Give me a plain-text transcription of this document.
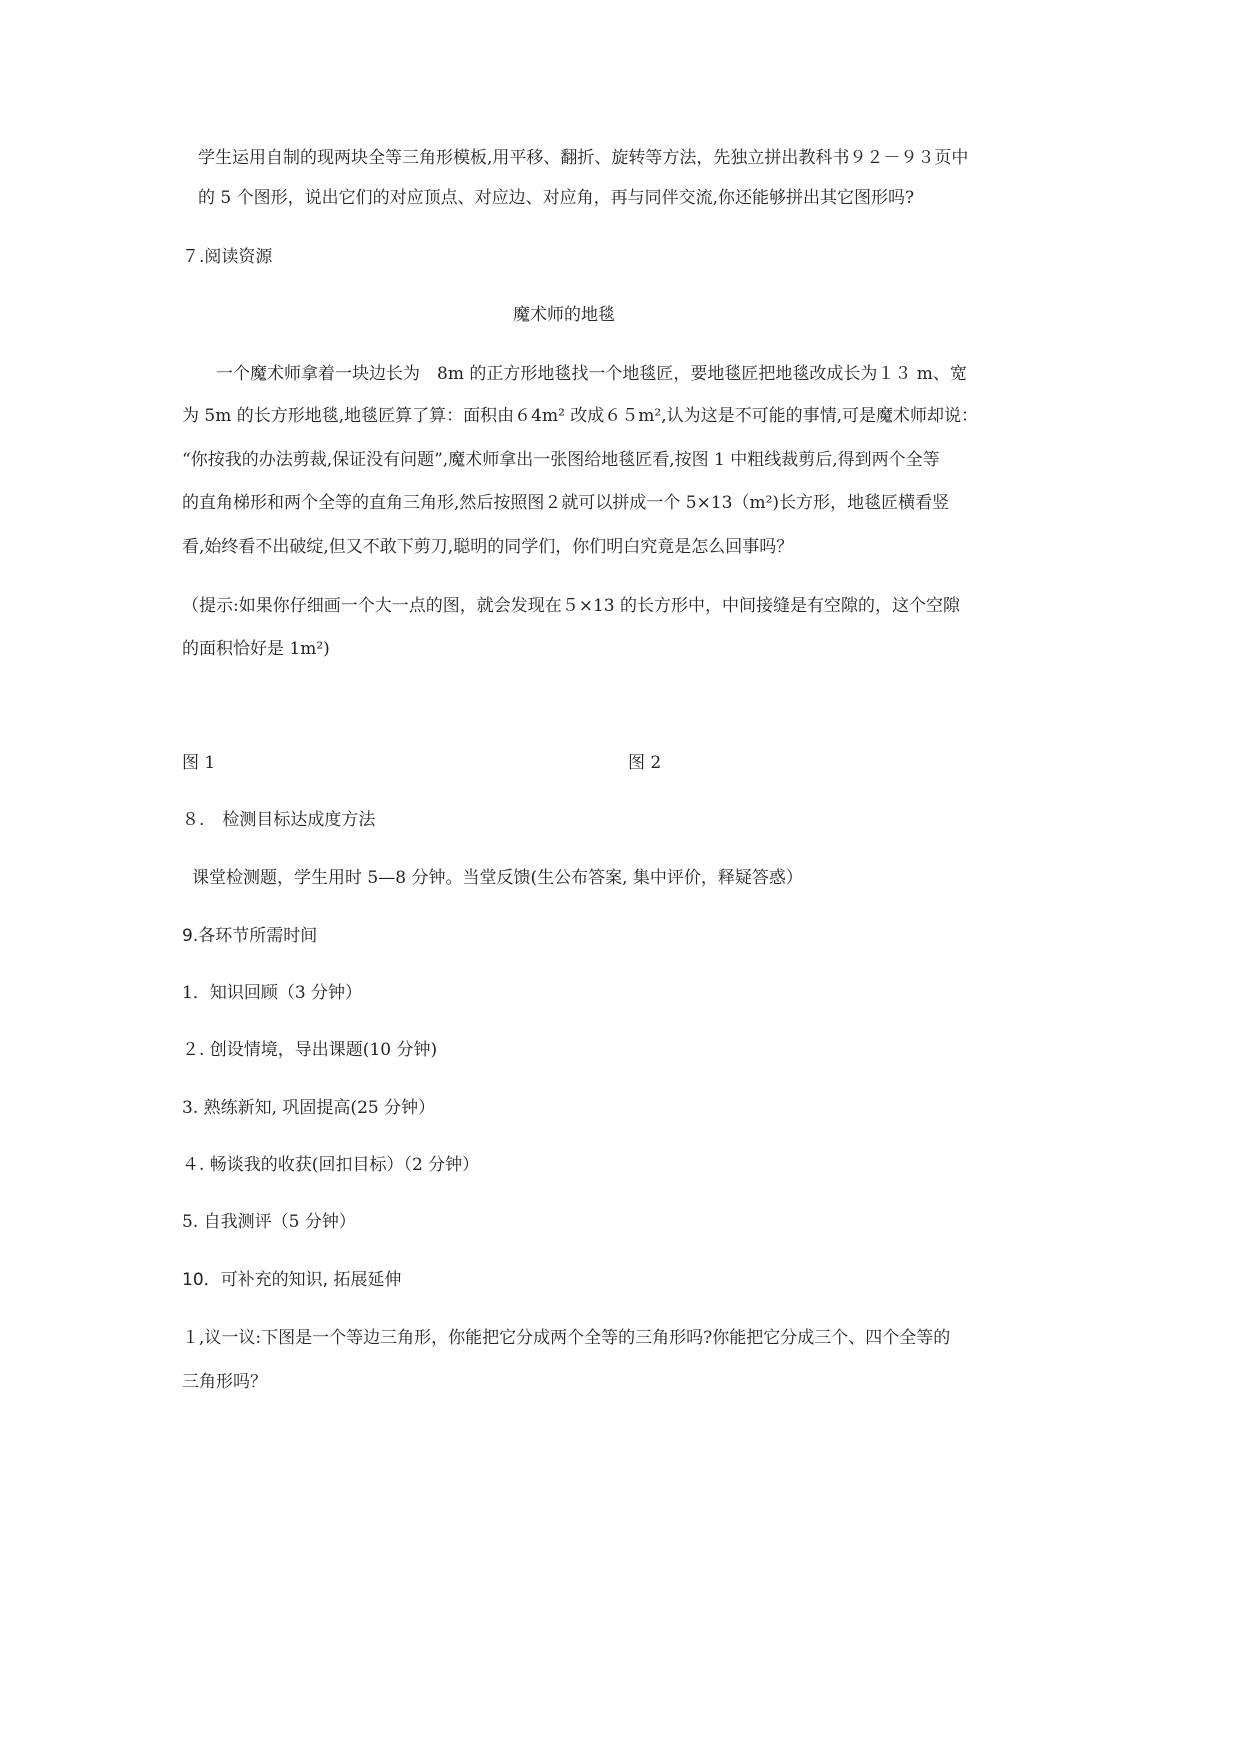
学生运用自制的现两块全等三角形模板,用平移、翻折、旋转等方法，先独立拼出教科书９２－９３页中
的 5 个图形，说出它们的对应顶点、对应边、对应角，再与同伴交流,你还能够拼出其它图形吗?
７.阅读资源
魔术师的地毯
一个魔术师拿着一块边长为　8m 的正方形地毯找一个地毯匠，要地毯匠把地毯改成长为１３ m、宽
为 5m 的长方形地毯,地毯匠算了算：面积由６4m² 改成６５m²,认为这是不可能的事情,可是魔术师却说：
“你按我的办法剪裁,保证没有问题”,魔术师拿出一张图给地毯匠看,按图 1 中粗线裁剪后,得到两个全等
的直角梯形和两个全等的直角三角形,然后按照图２就可以拼成一个 5×13（m²)长方形，地毯匠横看竖
看,始终看不出破绽,但又不敢下剪刀,聪明的同学们，你们明白究竟是怎么回事吗？
（提示:如果你仔细画一个大一点的图，就会发现在５×13 的长方形中，中间接缝是有空隙的，这个空隙
的面积恰好是 1m²)
图 1	图 2
８. 检测目标达成度方法
课堂检测题，学生用时 5—8 分钟。当堂反馈(生公布答案, 集中评价，释疑答惑）
9.各环节所需时间
1．知识回顾（3 分钟）
２. 创设情境，导出课题(10 分钟)
3. 熟练新知, 巩固提高(25 分钟）
４. 畅谈我的收获(回扣目标）（2 分钟）
5. 自我测评（5 分钟）
10．可补充的知识, 拓展延伸
１,议一议:下图是一个等边三角形，你能把它分成两个全等的三角形吗?你能把它分成三个、四个全等的
三角形吗？
